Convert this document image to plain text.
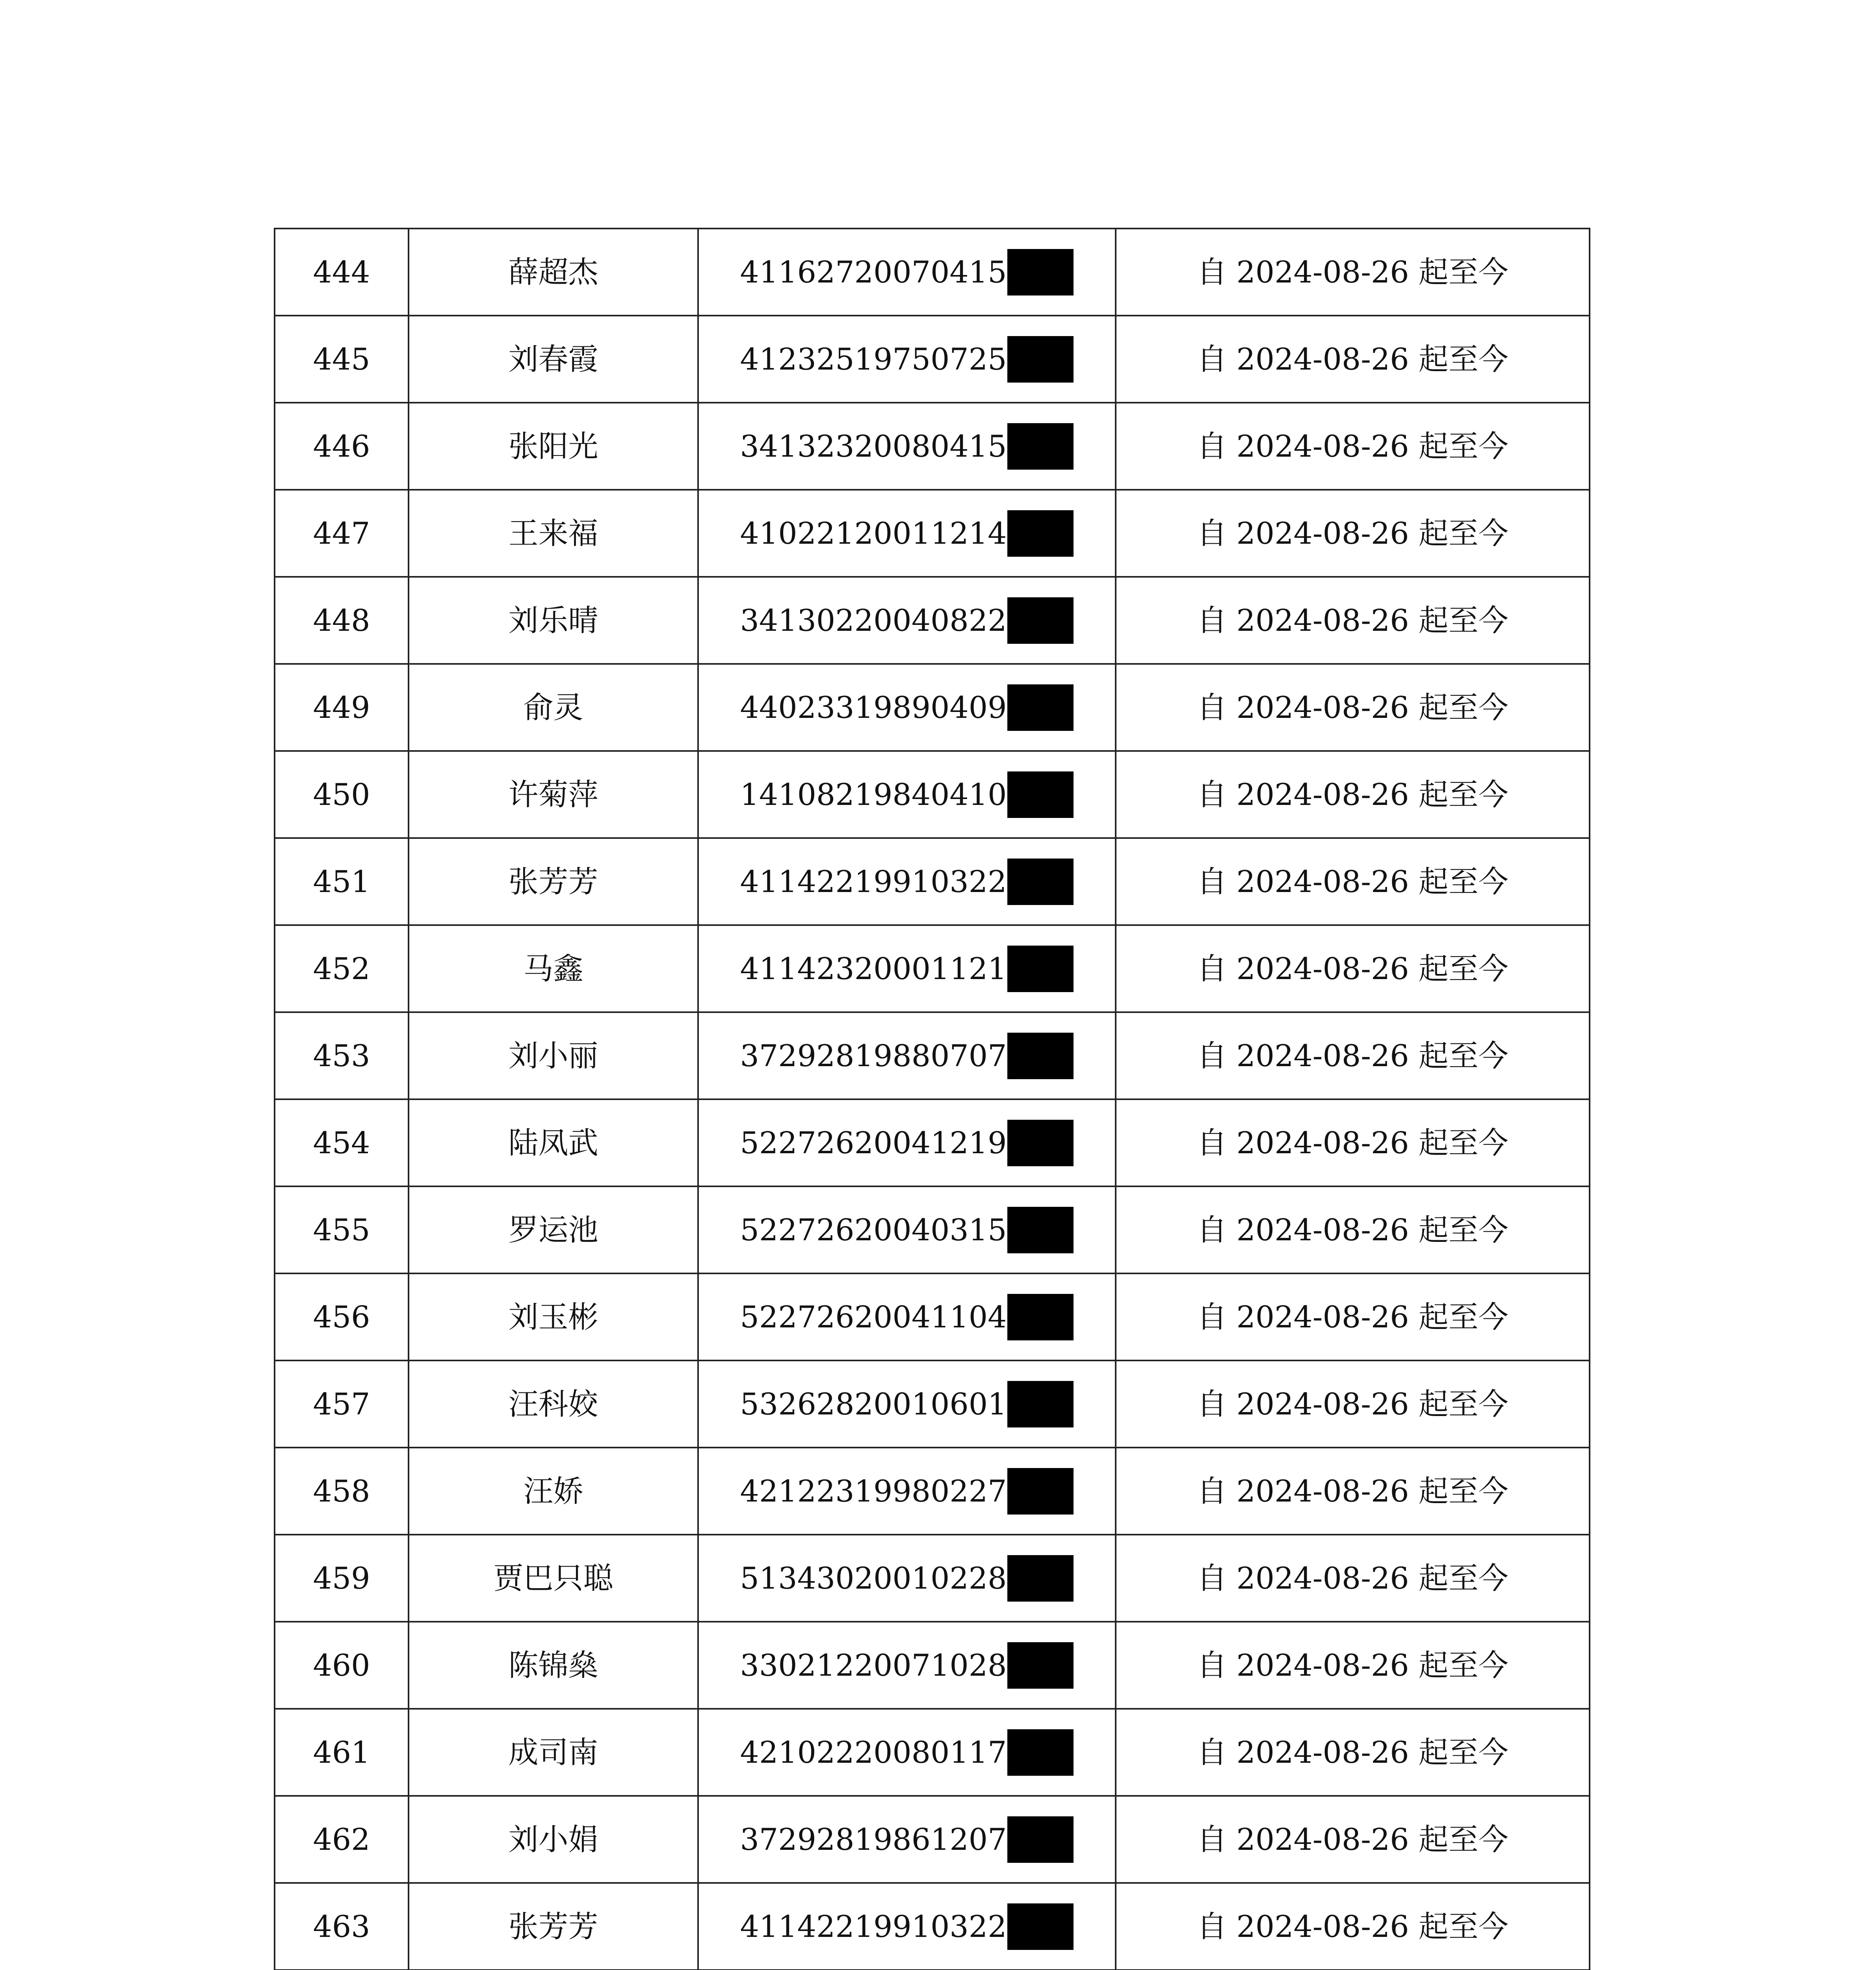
444	薛超杰	41162720070415	自 2024-08-26 起至今
445	刘春霞	41232519750725	自 2024-08-26 起至今
446	张阳光	34132320080415	自 2024-08-26 起至今
447	王来福	41022120011214	自 2024-08-26 起至今
448	刘乐晴	34130220040822	自 2024-08-26 起至今
449	俞灵	44023319890409	自 2024-08-26 起至今
450	许菊萍	14108219840410	自 2024-08-26 起至今
451	张芳芳	41142219910322	自 2024-08-26 起至今
452	马鑫	41142320001121	自 2024-08-26 起至今
453	刘小丽	37292819880707	自 2024-08-26 起至今
454	陆凤武	52272620041219	自 2024-08-26 起至今
455	罗运池	52272620040315	自 2024-08-26 起至今
456	刘玉彬	52272620041104	自 2024-08-26 起至今
457	汪科姣	53262820010601	自 2024-08-26 起至今
458	汪娇	42122319980227	自 2024-08-26 起至今
459	贾巴只聪	51343020010228	自 2024-08-26 起至今
460	陈锦燊	33021220071028	自 2024-08-26 起至今
461	成司南	42102220080117	自 2024-08-26 起至今
462	刘小娟	37292819861207	自 2024-08-26 起至今
463	张芳芳	41142219910322	自 2024-08-26 起至今
